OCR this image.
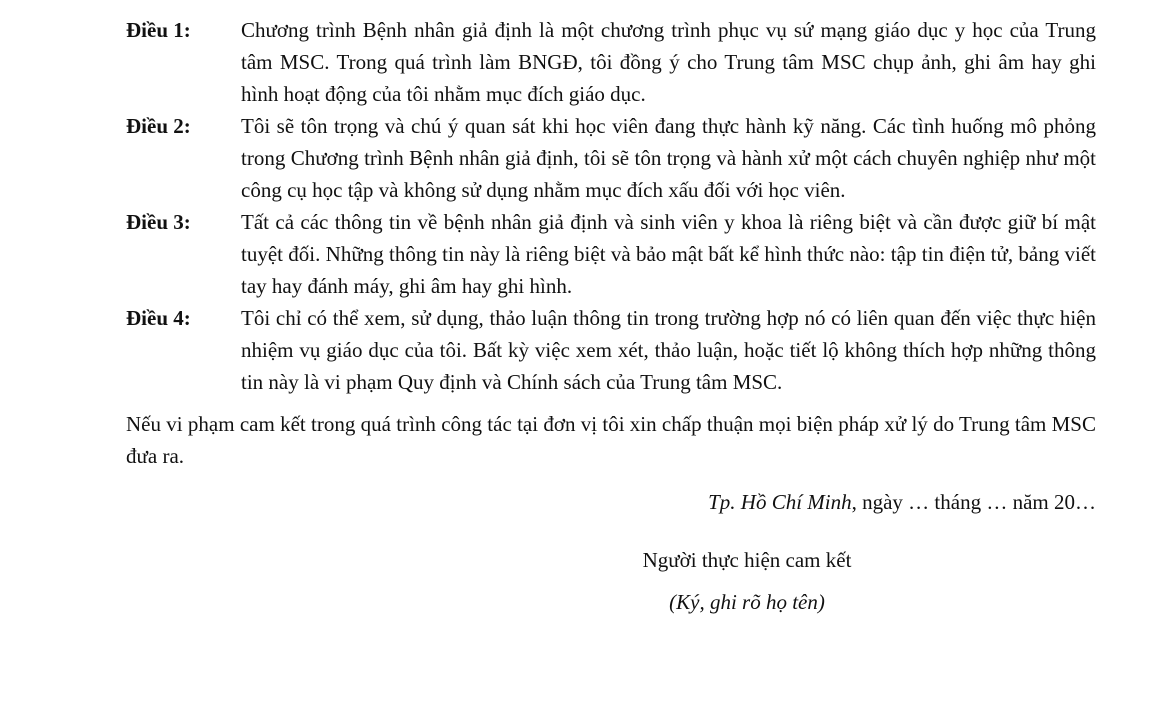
Điều 1:	Chương trình Bệnh nhân giả định là một chương trình phục vụ sứ mạng giáo dục y học của Trung tâm MSC. Trong quá trình làm BNGĐ, tôi đồng ý cho Trung tâm MSC chụp ảnh, ghi âm hay ghi hình hoạt động của tôi nhằm mục đích giáo dục.
Điều 2:	Tôi sẽ tôn trọng và chú ý quan sát khi học viên đang thực hành kỹ năng. Các tình huống mô phỏng trong Chương trình Bệnh nhân giả định, tôi sẽ tôn trọng và hành xử một cách chuyên nghiệp như một công cụ học tập và không sử dụng nhằm mục đích xấu đối với học viên.
Điều 3:	Tất cả các thông tin về bệnh nhân giả định và sinh viên y khoa là riêng biệt và cần được giữ bí mật tuyệt đối. Những thông tin này là riêng biệt và bảo mật bất kể hình thức nào: tập tin điện tử, bảng viết tay hay đánh máy, ghi âm hay ghi hình.
Điều 4:	Tôi chỉ có thể xem, sử dụng, thảo luận thông tin trong trường hợp nó có liên quan đến việc thực hiện nhiệm vụ giáo dục của tôi. Bất kỳ việc xem xét, thảo luận, hoặc tiết lộ không thích hợp những thông tin này là vi phạm Quy định và Chính sách của Trung tâm MSC.
Nếu vi phạm cam kết trong quá trình công tác tại đơn vị tôi xin chấp thuận mọi biện pháp xử lý do Trung tâm MSC đưa ra.
Tp. Hồ Chí Minh, ngày … tháng … năm 20…
Người thực hiện cam kết
(Ký, ghi rõ họ tên)
